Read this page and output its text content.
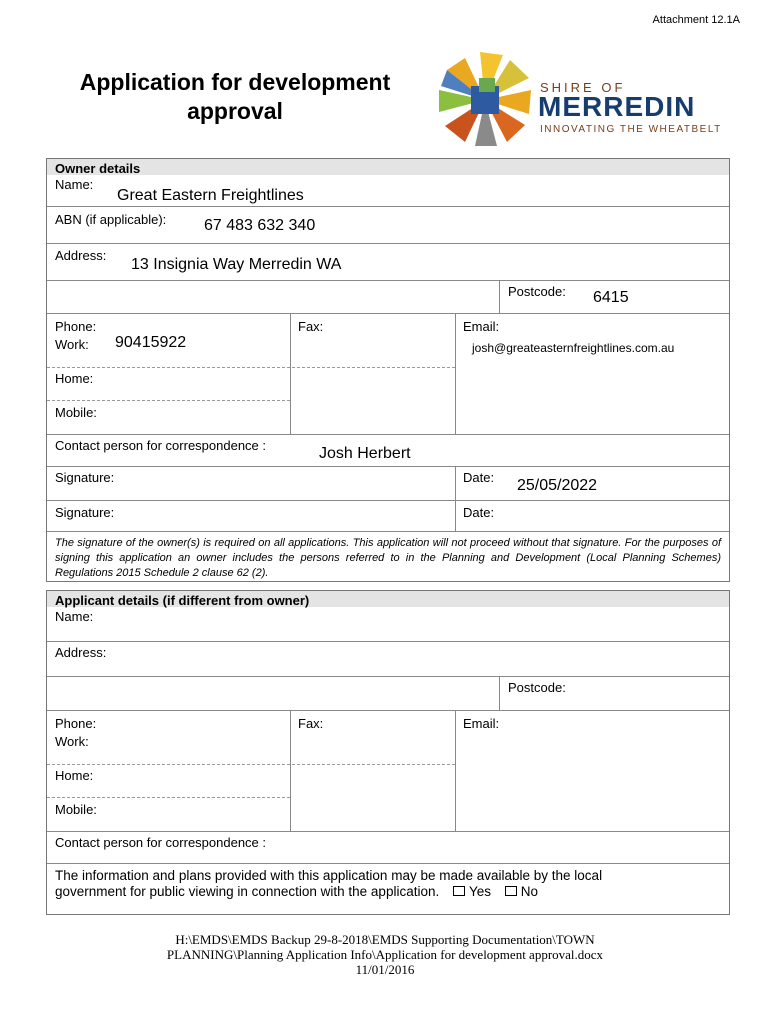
Attachment 12.1A
Application for development
approval
SHIRE OF
MERREDIN
INNOVATING THE WHEATBELT
Owner details
Name:
Great Eastern Freightlines
ABN (if applicable): 67 483 632 340
Address:
13 Insignia Way Merredin WA
Postcode: 6415
Phone:
Work: 90415922
Fax:	Email:
josh@greateasternfreightlines.com.au
Home:
Mobile:
Contact person for correspondence :	Josh Herbert
Signature:	Date: 25/05/2022
Signature:	Date:
The signature of the owner(s) is required on all applications. This application will not proceed without that signature. For the purposes of signing this application an owner includes the persons referred to in the Planning and Development (Local Planning Schemes) Regulations 2015 Schedule 2 clause 62 (2).
Applicant details (if different from owner)
Name:
Address:
Postcode:
Phone:
Work:
Fax:	Email:
Home:
Mobile:
Contact person for correspondence :
The information and plans provided with this application may be made available by the local
government for public viewing in connection with the application. Yes No
H:\EMDS\EMDS Backup 29-8-2018\EMDS Supporting Documentation\TOWN
PLANNING\Planning Application Info\Application for development approval.docx
11/01/2016
